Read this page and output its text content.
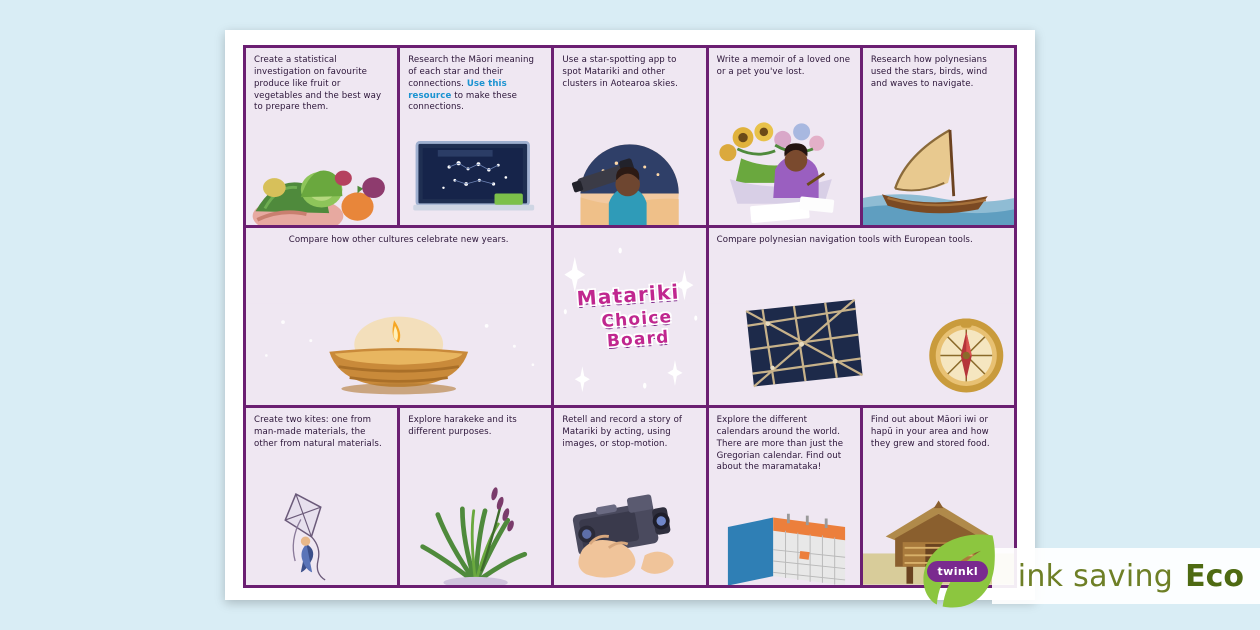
Create a statistical investigation on favourite produce like fruit or vegetables and the best way to prepare them.
Research the Māori meaning of each star and their connections. Use this resource to make these connections.
Use a star-spotting app to spot Matariki and other clusters in Aotearoa skies.
Write a memoir of a loved one or a pet you've lost.
Research how polynesians used the stars, birds, wind and waves to navigate.
Compare how other cultures celebrate new years.
Matariki
Choice Board
Compare polynesian navigation tools with European tools.
Create two kites: one from man-made materials, the other from natural materials.
Explore harakeke and its different purposes.
Retell and record a story of Matariki by acting, using images, or stop-motion.
Explore the different calendars around the world. There are more than just the Gregorian calendar. Find out about the maramataka!
Find out about Māori iwi or hapū in your area and how they grew and stored food.
twinkl	ink saving Eco
